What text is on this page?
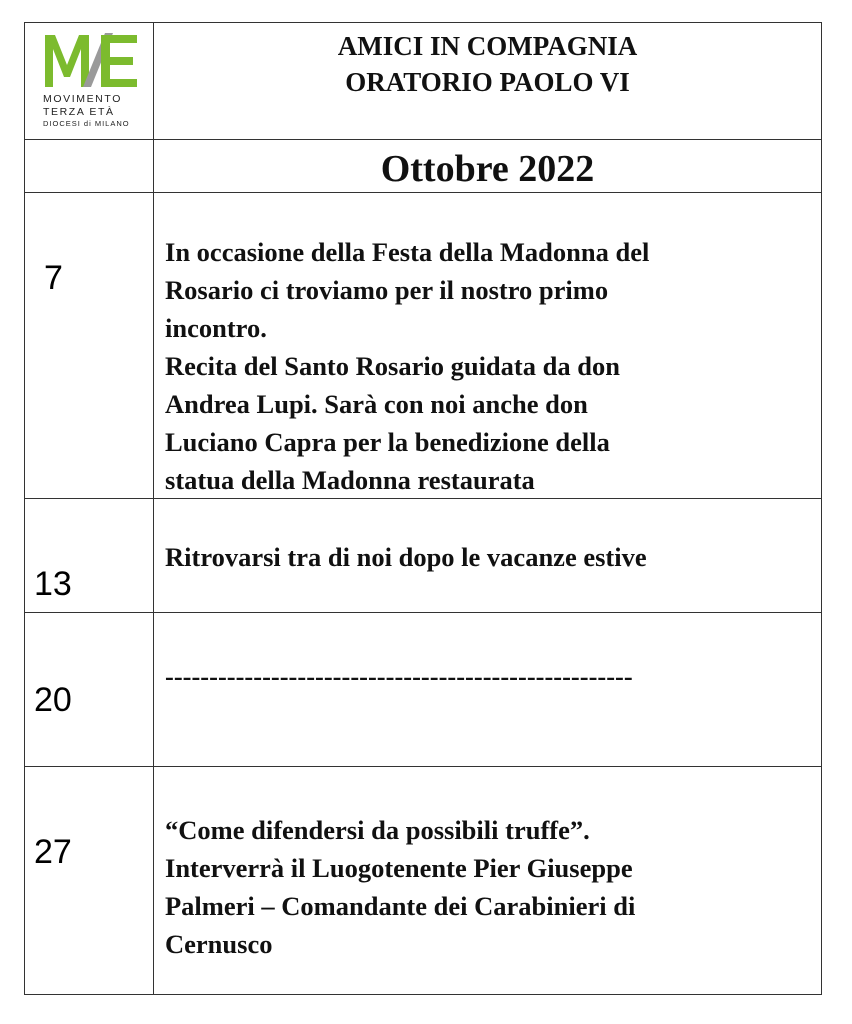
MOVIMENTO
TERZA ETÀ
DIOCESI di MILANO
AMICI IN COMPAGNIA
ORATORIO PAOLO VI
Ottobre 2022
7
In occasione della Festa della Madonna del
Rosario ci troviamo per il nostro primo
incontro.
Recita del Santo Rosario guidata da don
Andrea Lupi. Sarà con noi anche don
Luciano Capra per la benedizione della
statua della Madonna restaurata
13
Ritrovarsi tra di noi dopo le vacanze estive
20
-----------------------------------------------------
27
“Come difendersi da possibili truffe”.
Interverrà il Luogotenente Pier Giuseppe
Palmeri – Comandante dei Carabinieri di
Cernusco
